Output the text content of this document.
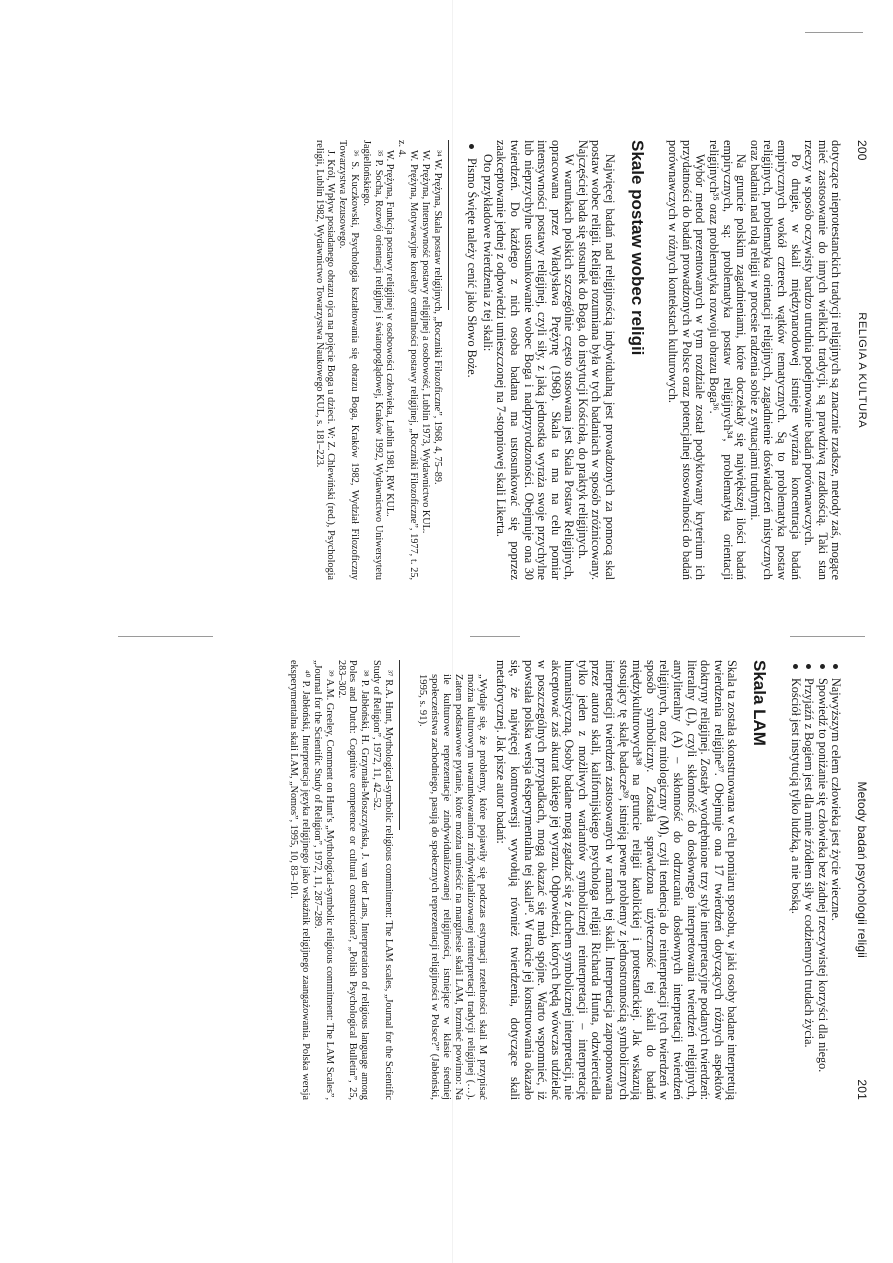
200
RELIGIA A KULTURA

dotyczące nieprotestanckich tradycji religijnych są znacznie rzadsze, metody zaś, mogące mieć zastosowanie do innych wielkich tradycji, są prawdziwą rzadkością. Taki stan rzeczy w sposób oczywisty bardzo utrudnia podejmowanie badań porównawczych.

Po drugie, w skali międzynarodowej istnieje wyraźna koncentracja badań empirycznych wokół czterech wątków tematycznych. Są to problematyka postaw religijnych, problematyka orientacji religijnych, zagadnienie doświadczeń mistycznych oraz badania nad rolą religii w procesie radzenia sobie z sytuacjami trudnymi.

Na gruncie polskim zagadnieniami, które doczekały się największej ilości badań empirycznych, są: problematyka postaw religijnych³⁴, problematyka orientacji religijnych³⁵ oraz problematyka rozwoju obrazu Boga³⁶.

Wybór metod prezentowanych w tym rozdziale został podyktowany kryterium ich przydatności do badań prowadzonych w Polsce oraz potencjalnej stosowalności do badań porównawczych w różnych kontekstach kulturowych.

Skale postaw wobec religii

Najwięcej badań nad religijnością indywidualną jest prowadzonych za pomocą skal postaw wobec religii. Religia rozumiana była w tych badaniach w sposób zróżnicowany. Najczęściej bada się stosunek do Boga, do instytucji Kościoła, do praktyk religijnych.

W warunkach polskich szczególnie często stosowana jest Skala Postaw Religijnych, opracowana przez Władysława Prężynę (1968). Skala ta ma na celu pomiar intensywności postawy religijnej, czyli siły, z jaką jednostka wyraża swoje przychylne lub nieprzychylne ustosunkowanie wobec Boga i nadprzyrodzoności. Obejmuje ona 30 twierdzeń. Do każdego z nich osoba badana ma ustosunkować się poprzez zaakceptowanie jednej z odpowiedzi umieszczonej na 7-stopniowej skali Likerta.

Oto przykładowe twierdzenia z tej skali:

Pismo Święte należy cenić jako Słowo Boże.

³⁴ W. Prężyna, Skala postaw religijnych, „Roczniki Filozoficzne”, 1968, 4, 75–89.

W. Prężyna, Intensywność postawy religijnej a osobowość, Lublin 1973, Wydawnictwo KUL.

W. Prężyna, Motywacyjne korelaty centralności postawy religijnej, „Roczniki Filozoficzne”, 1977, t. 25, z. 4.

W. Prężyna, Funkcja postawy religijnej w osobowości człowieka, Lublin 1981, RW KUL.

³⁵ P. Socha, Rozwój orientacji religijnej i światopoglądowej, Kraków 1992, Wydawnictwo Uniwersytetu Jagiellońskiego.

³⁶ S. Kuczkowski, Psychologia kształtowania się obrazu Boga, Kraków 1982, Wydział Filozoficzny Towarzystwa Jezusowego.

J. Król, Wpływ posiadanego obrazu ojca na pojęcie Boga u dzieci. W: Z. Chlewiński (red.), Psychologia religii, Lublin 1982, Wydawnictwo Towarzystwa Naukowego KUL, s. 181–223.

Metody badań psychologii religii
201
Najwyższym celem człowieka jest życie wieczne.
Spowiedź to poniżanie się człowieka bez żadnej rzeczywistej korzyści dla niego.
Przyjaźń z Bogiem jest dla mnie źródłem siły w codziennych trudach życia.
Kościół jest instytucją tylko ludzką, a nie boską.
Skala LAM

Skala ta została skonstruowana w celu pomiaru sposobu, w jaki osoby badane interpretują twierdzenia religijne³⁷. Obejmuje ona 17 twierdzeń dotyczących różnych aspektów doktryny religijnej. Zostały wyodrębnione trzy style interpretacyjne podanych twierdzeń: literalny (L), czyli skłonność do dosłownego interpretowania twierdzeń religijnych, antyliteralny (A) – skłonność do odrzucania dosłownych interpretacji twierdzeń religijnych, oraz mitologiczny (M), czyli tendencja do reinterpretacji tych twierdzeń w sposób symboliczny. Została sprawdzona użyteczność tej skali do badań międzykulturowych³⁸ na gruncie religii katolickiej i protestanckiej. Jak wskazują stosujący tę skalę badacze³⁹, istnieją pewne problemy z jednostronnością symbolicznych interpretacji twierdzeń zastosowanych w ramach tej skali. Interpretacja zaproponowana przez autora skali, kalifornijskiego psychologa religii Richarda Hunta, odzwierciedla tylko jeden z możliwych wariantów symbolicznej reinterpretacji – interpretację humanistyczną. Osoby badane mogą zgadzać się z duchem symbolicznej interpretacji, nie akceptować zaś akurat takiego jej wyrazu. Odpowiedzi, których będą wówczas udzielać w poszczególnych przypadkach, mogą okazać się mało spójne. Warto wspomnieć, iż powstała polska wersja eksperymentalna tej skali⁴⁰. W trakcie jej konstruowania okazało się, że najwięcej kontrowersji wywołują również twierdzenia, dotyczące skali metaforycznej. Jak pisze autor badań:

„Wydaje się, że problemy, które pojawiły się podczas estymacji rzetelności skali M przypisać można kulturowym uwarunkowaniom zindywidualizowanej reinterpretacji tradycji religijnej (…). Zatem podstawowe pytanie, które można umieścić na marginesie skali LAM, brzmieć powinno: Na ile kulturowe reprezentacje zindywidualizowanej religijności, istniejące w klasie średniej społeczeństwa zachodniego, pasują do społecznych reprezentacji religijności w Polsce?” (Jabłoński, 1995, s. 91).

³⁷ R.A. Hunt, Mythological-symbolic religious commitment: The LAM scales, „Journal for the Scientific Study of Religion”, 1972, 11, 42–52.

³⁸ P. Jabłoński, H. Grzymała-Moszczyńska, J. van der Lans, Interpretation of religious language among Poles and Dutch: Cognitive competence or cultural construction?, „Polish Psychological Bulletin”, 25, 283–302.

³⁹ A.M. Greeley, Comment on Hunt’s „Mythological-symbolic religious commitment: The LAM Scales”, „Journal for the Scientific Study of Religion”, 1972, 11, 287–289.

⁴⁰ P. Jabłoński, Interpretacja języka religijnego jako wskaźnik religijnego zaangażowania. Polska wersja eksperymentalna skali LAM, „Nomos”, 1995, 10, 83–101.
